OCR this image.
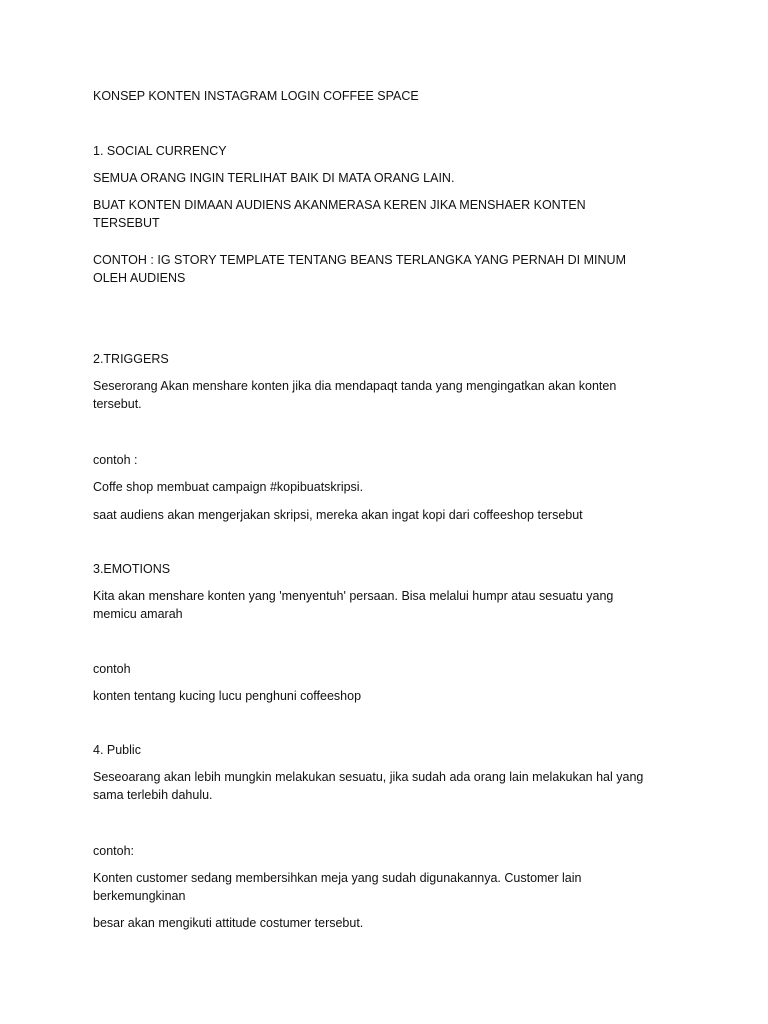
KONSEP KONTEN INSTAGRAM LOGIN COFFEE SPACE
1. SOCIAL CURRENCY
SEMUA ORANG INGIN TERLIHAT BAIK DI MATA ORANG LAIN.
BUAT KONTEN DIMAAN AUDIENS AKANMERASA KEREN JIKA MENSHAER KONTEN TERSEBUT
CONTOH : IG STORY TEMPLATE TENTANG BEANS TERLANGKA YANG PERNAH DI MINUM OLEH AUDIENS
2.TRIGGERS
Seserorang Akan menshare konten jika dia mendapaqt tanda yang mengingatkan akan konten tersebut.
contoh :
Coffe shop membuat campaign #kopibuatskripsi.
saat audiens akan mengerjakan skripsi, mereka akan ingat kopi dari coffeeshop tersebut
3.EMOTIONS
Kita akan menshare konten yang 'menyentuh' persaan. Bisa melalui humpr atau sesuatu yang memicu amarah
contoh
konten tentang kucing lucu penghuni coffeeshop
4. Public
Seseoarang akan lebih mungkin melakukan sesuatu, jika sudah ada orang lain melakukan hal yang sama terlebih dahulu.
contoh:
Konten customer sedang membersihkan meja yang sudah digunakannya. Customer lain berkemungkinan
besar akan mengikuti attitude costumer tersebut.
